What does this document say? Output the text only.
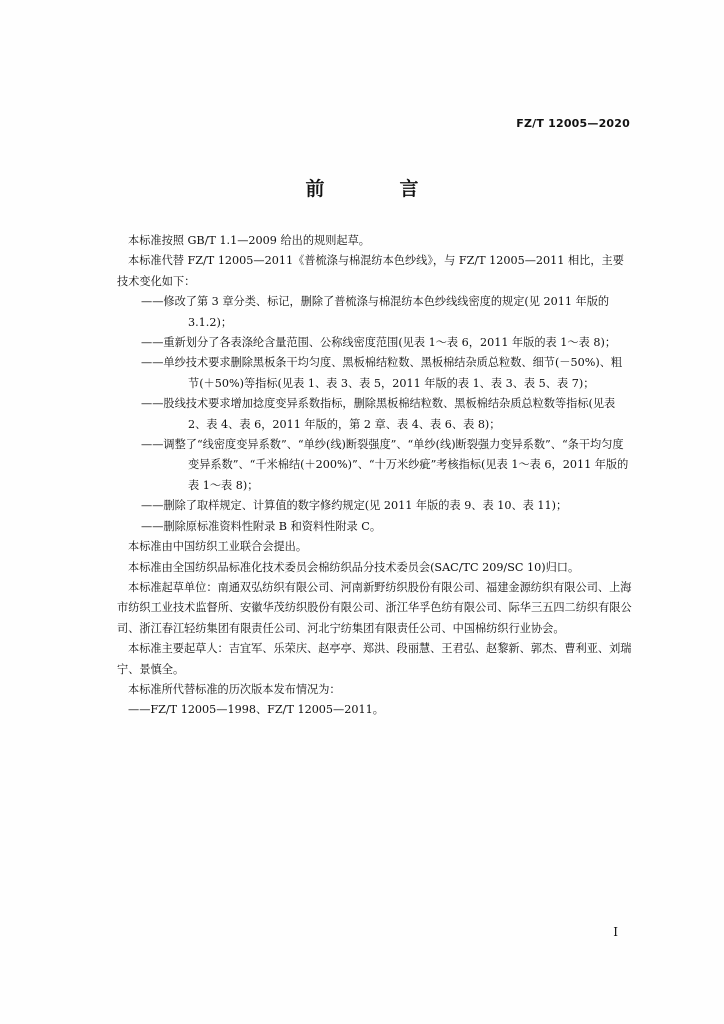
FZ/T 12005—2020
前　言

本标准按照 GB/T 1.1—2009 给出的规则起草。

本标准代替 FZ/T 12005—2011《普梳涤与棉混纺本色纱线》，与 FZ/T 12005—2011 相比，主要技术变化如下：

——修改了第 3 章分类、标记，删除了普梳涤与棉混纺本色纱线线密度的规定(见 2011 年版的 3.1.2)；

——重新划分了各表涤纶含量范围、公称线密度范围(见表 1～表 6，2011 年版的表 1～表 8)；

——单纱技术要求删除黑板条干均匀度、黑板棉结粒数、黑板棉结杂质总粒数、细节(－50%)、粗节(＋50%)等指标(见表 1、表 3、表 5，2011 年版的表 1、表 3、表 5、表 7)；

——股线技术要求增加捻度变异系数指标，删除黑板棉结粒数、黑板棉结杂质总粒数等指标(见表 2、表 4、表 6，2011 年版的，第 2 章、表 4、表 6、表 8)；

——调整了“线密度变异系数”、“单纱(线)断裂强度”、“单纱(线)断裂强力变异系数”、“条干均匀度变异系数”、“千米棉结(＋200%)”、“十万米纱疵”考核指标(见表 1～表 6，2011 年版的表 1～表 8)；

——删除了取样规定、计算值的数字修约规定(见 2011 年版的表 9、表 10、表 11)；

——删除原标准资料性附录 B 和资料性附录 C。

本标准由中国纺织工业联合会提出。

本标准由全国纺织品标准化技术委员会棉纺织品分技术委员会(SAC/TC 209/SC 10)归口。

本标准起草单位：南通双弘纺织有限公司、河南新野纺织股份有限公司、福建金源纺织有限公司、上海市纺织工业技术监督所、安徽华茂纺织股份有限公司、浙江华孚色纺有限公司、际华三五四二纺织有限公司、浙江春江轻纺集团有限责任公司、河北宁纺集团有限责任公司、中国棉纺织行业协会。

本标准主要起草人：吉宜军、乐荣庆、赵亭亭、郑洪、段丽慧、王君弘、赵黎新、郭杰、曹利亚、刘瑞宁、景慎全。

本标准所代替标准的历次版本发布情况为：

——FZ/T 12005—1998、FZ/T 12005—2011。

I
